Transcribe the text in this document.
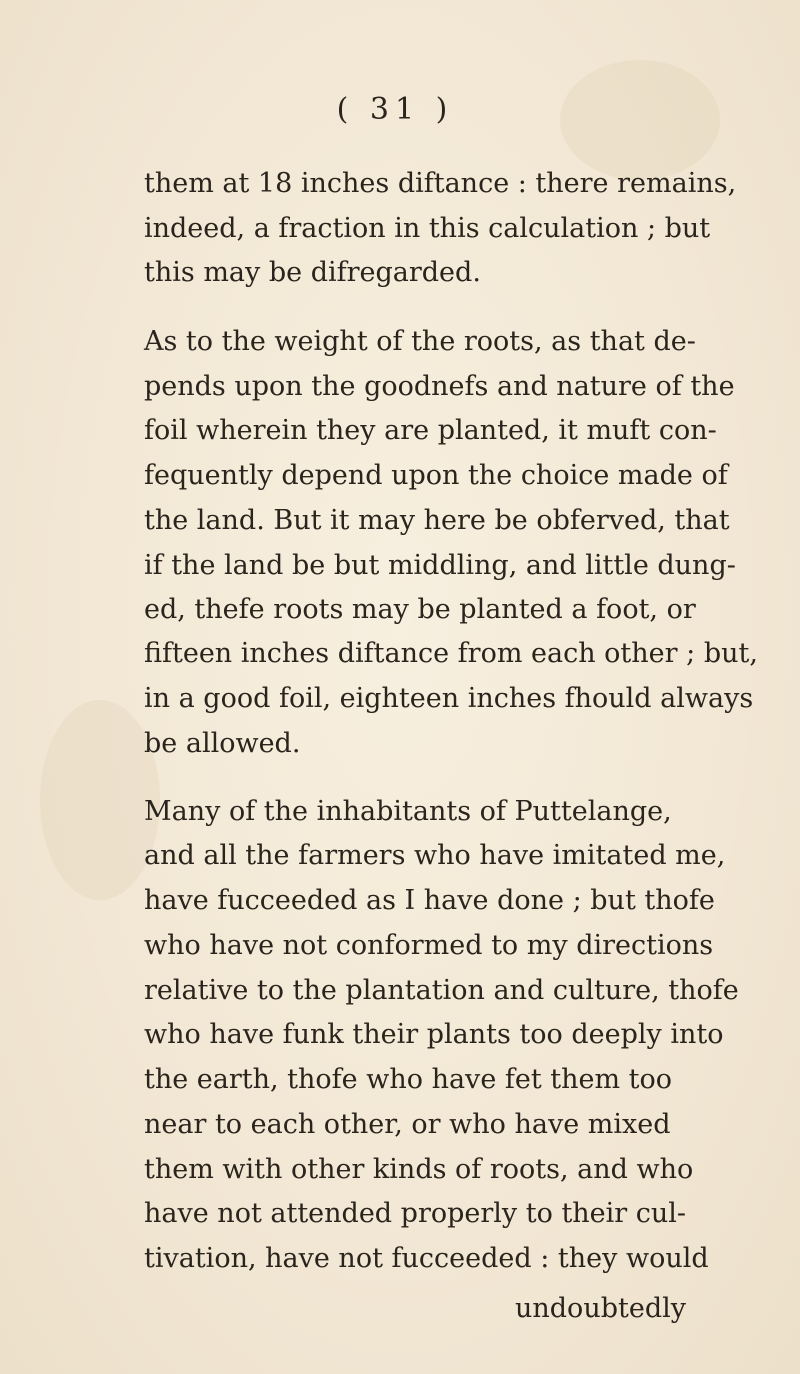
( 31 )
them at 18 inches diftance : there remains,
indeed, a fraction in this calculation ; but
this may be difregarded.
As to the weight of the roots, as that de-
pends upon the goodnefs and nature of the
foil wherein they are planted, it muft con-
fequently depend upon the choice made of
the land. But it may here be obferved, that
if the land be but middling, and little dung-
ed, thefe roots may be planted a foot, or
fifteen inches diftance from each other ; but,
in a good foil, eighteen inches fhould always
be allowed.
Many of the inhabitants of Puttelange,
and all the farmers who have imitated me,
have fucceeded as I have done ; but thofe
who have not conformed to my directions
relative to the plantation and culture, thofe
who have funk their plants too deeply into
the earth, thofe who have fet them too
near to each other, or who have mixed
them with other kinds of roots, and who
have not attended properly to their cul-
tivation, have not fucceeded : they would
undoubtedly
